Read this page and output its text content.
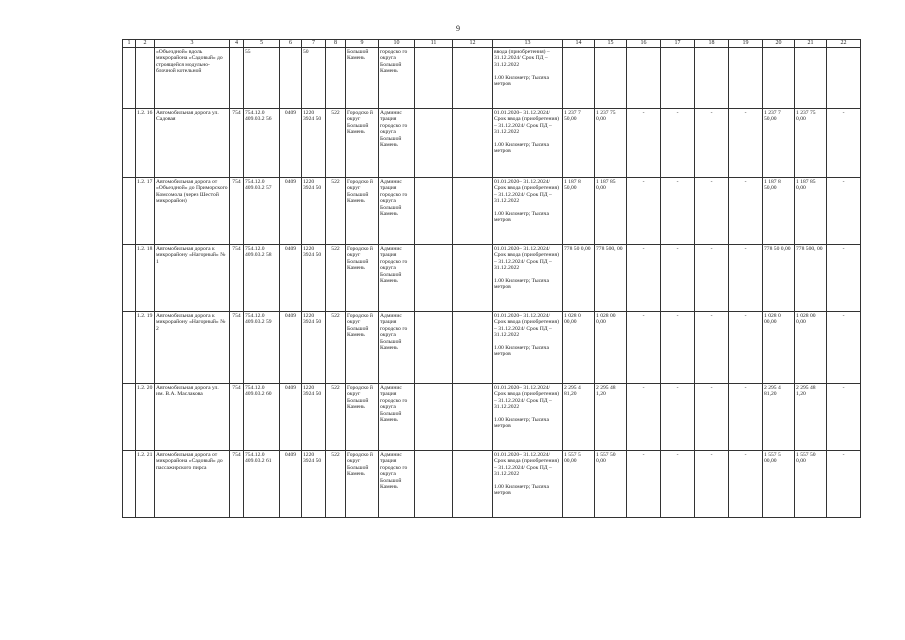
9
1	2	3	4	5	6	7	8	9	10	11	12	13	14	15	16	17	18	19	20	21	22
		«Объездной» вдоль микрорайона «Садовый» до строящейся модульно-блочной котельной		55		50		Большой Камень	городско го округа Большой Камень			ввода (приобретения) – 31.12.2024/ Срок ПД – 31.12.2022

1.00 Километр; Тысяча метров									
	1.2. 16	Автомобильная дорога ул. Садовая	754	754.12.0 409.03.2 56	0409	1220 3924 50	522	Городско й округ Большой Камень	Админис трация городско го округа Большой Камень			01.01.2020– 31.12.2024/ Срок ввода (приобретения) – 31.12.2024/ Срок ПД – 31.12.2022

1.00 Километр; Тысяча метров	1 237 7 50,00	1 237 75 0,00	-	-	-	-	1 237 7 50,00	1 237 75 0,00	-
	1.2. 17	Автомобильная дорога от «Объездной» до Приморского Комсомола (через Шестой микрорайон)	754	754.12.0 409.03.2 57	0409	1220 3924 50	522	Городско й округ Большой Камень	Админис трация городско го округа Большой Камень			01.01.2020– 31.12.2024/ Срок ввода (приобретения) – 31.12.2024/ Срок ПД – 31.12.2022

1.00 Километр; Тысяча метров	1 187 8 50,00	1 187 85 0,00	-	-	-	-	1 187 8 50,00	1 187 85 0,00	-
	1.2. 18	Автомобильная дорога к микрорайону «Нагорный» № 1	754	754.12.0 409.03.2 58	0409	1220 3924 50	522	Городско й округ Большой Камень	Админис трация городско го округа Большой Камень			01.01.2020– 31.12.2024/ Срок ввода (приобретения) – 31.12.2024/ Срок ПД – 31.12.2022

1.00 Километр; Тысяча метров	778 50 0,00	778 500, 00	-	-	-	-	778 50 0,00	778 500, 00	-
	1.2. 19	Автомобильная дорога к микрорайону «Нагорный» № 2	754	754.12.0 409.03.2 59	0409	1220 3924 50	522	Городско й округ Большой Камень	Админис трация городско го округа Большой Камень			01.01.2020– 31.12.2024/ Срок ввода (приобретения) – 31.12.2024/ Срок ПД – 31.12.2022

1.00 Километр; Тысяча метров	1 028 0 00,00	1 028 00 0,00	-	-	-	-	1 028 0 00,00	1 028 00 0,00	-
	1.2. 20	Автомобильная дорога ул. им. В.А. Маслакова	754	754.12.0 409.03.2 60	0409	1220 3924 50	522	Городско й округ Большой Камень	Админис трация городско го округа Большой Камень			01.01.2020– 31.12.2024/ Срок ввода (приобретения) – 31.12.2024/ Срок ПД – 31.12.2022

1.00 Километр; Тысяча метров	2 295 4 81,20	2 295 48 1,20	-	-	-	-	2 295 4 81,20	2 295 48 1,20	-
	1.2. 21	Автомобильная дорога от микрорайона «Садовый» до пассажирского пирса	754	754.12.0 409.03.2 61	0409	1220 3924 50	522	Городско й округ Большой Камень	Админис трация городско го округа Большой Камень			01.01.2020– 31.12.2024/ Срок ввода (приобретения) – 31.12.2024/ Срок ПД – 31.12.2022

1.00 Километр; Тысяча метров	1 557 5 00,00	1 557 50 0,00	-	-	-	-	1 557 5 00,00	1 557 50 0,00	-
